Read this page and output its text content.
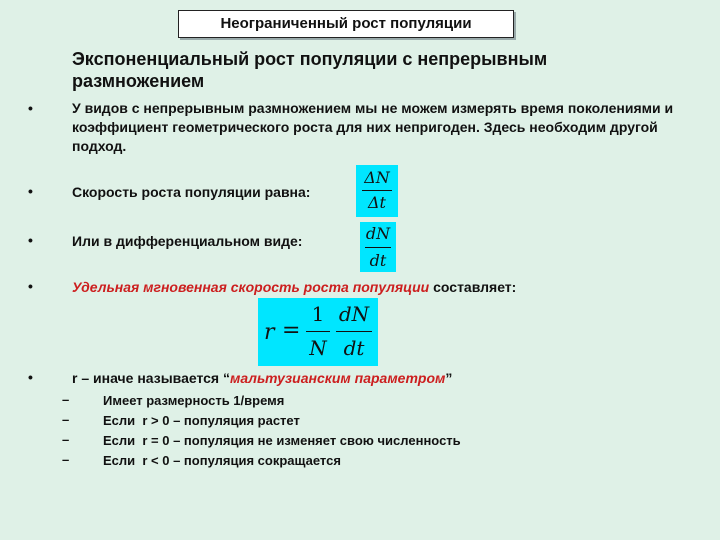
Неограниченный рост популяции
Экспоненциальный рост популяции с непрерывным размножением
•	У видов с непрерывным размножением мы не можем измерять время поколениями и коэффициент геометрического роста для них непригоден. Здесь необходим другой подход.
•	Скорость роста популяции равна:
ΔN
Δt
•	Или в дифференциальном виде:	dN
dt
•	Удельная мгновенная скорость роста популяции составляет:
r =
1
N
dN
dt
•	r – иначе называется “мальтузианским параметром”
–	Имеет размерность 1/время
–	Если  r > 0 – популяция растет
–	Если  r = 0 – популяция не изменяет свою численность
–	Если  r < 0 – популяция сокращается
